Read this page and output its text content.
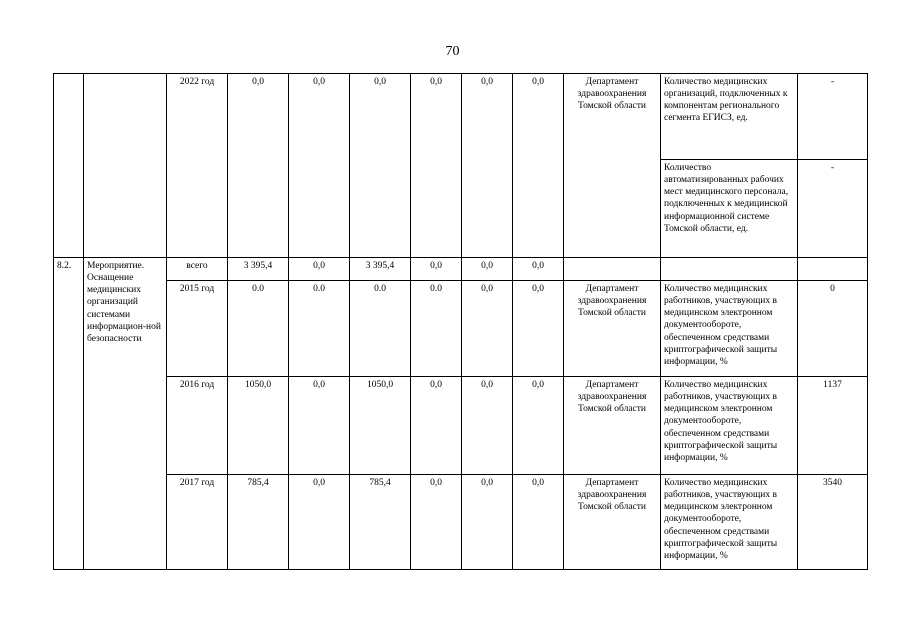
70
		2022 год	0,0	0,0	0,0	0,0	0,0	0,0	Департамент здравоохранения Томской области	Количество медицинских организаций, подключенных к компонентам регионального сегмента ЕГИСЗ, ед.	-
										Количество автоматизированных рабочих мест медицинского персонала, подключенных к медицинской информационной системе Томской области, ед.	-
8.2.	Мероприятие. Оснащение медицинских организаций системами информацион-ной безопасности	всего	3 395,4	0,0	3 395,4	0,0	0,0	0,0			
		2015 год	0.0	0.0	0.0	0.0	0,0	0,0	Департамент здравоохранения Томской области	Количество медицинских работников, участвующих в медицинском электронном документообороте, обеспеченном средствами криптографической защиты информации, %	0
		2016 год	1050,0	0,0	1050,0	0,0	0,0	0,0	Департамент здравоохранения Томской области	Количество медицинских работников, участвующих в медицинском электронном документообороте, обеспеченном средствами криптографической защиты информации, %	1137
		2017 год	785,4	0,0	785,4	0,0	0,0	0,0	Департамент здравоохранения Томской области	Количество медицинских работников, участвующих в медицинском электронном документообороте, обеспеченном средствами криптографической защиты информации, %	3540
